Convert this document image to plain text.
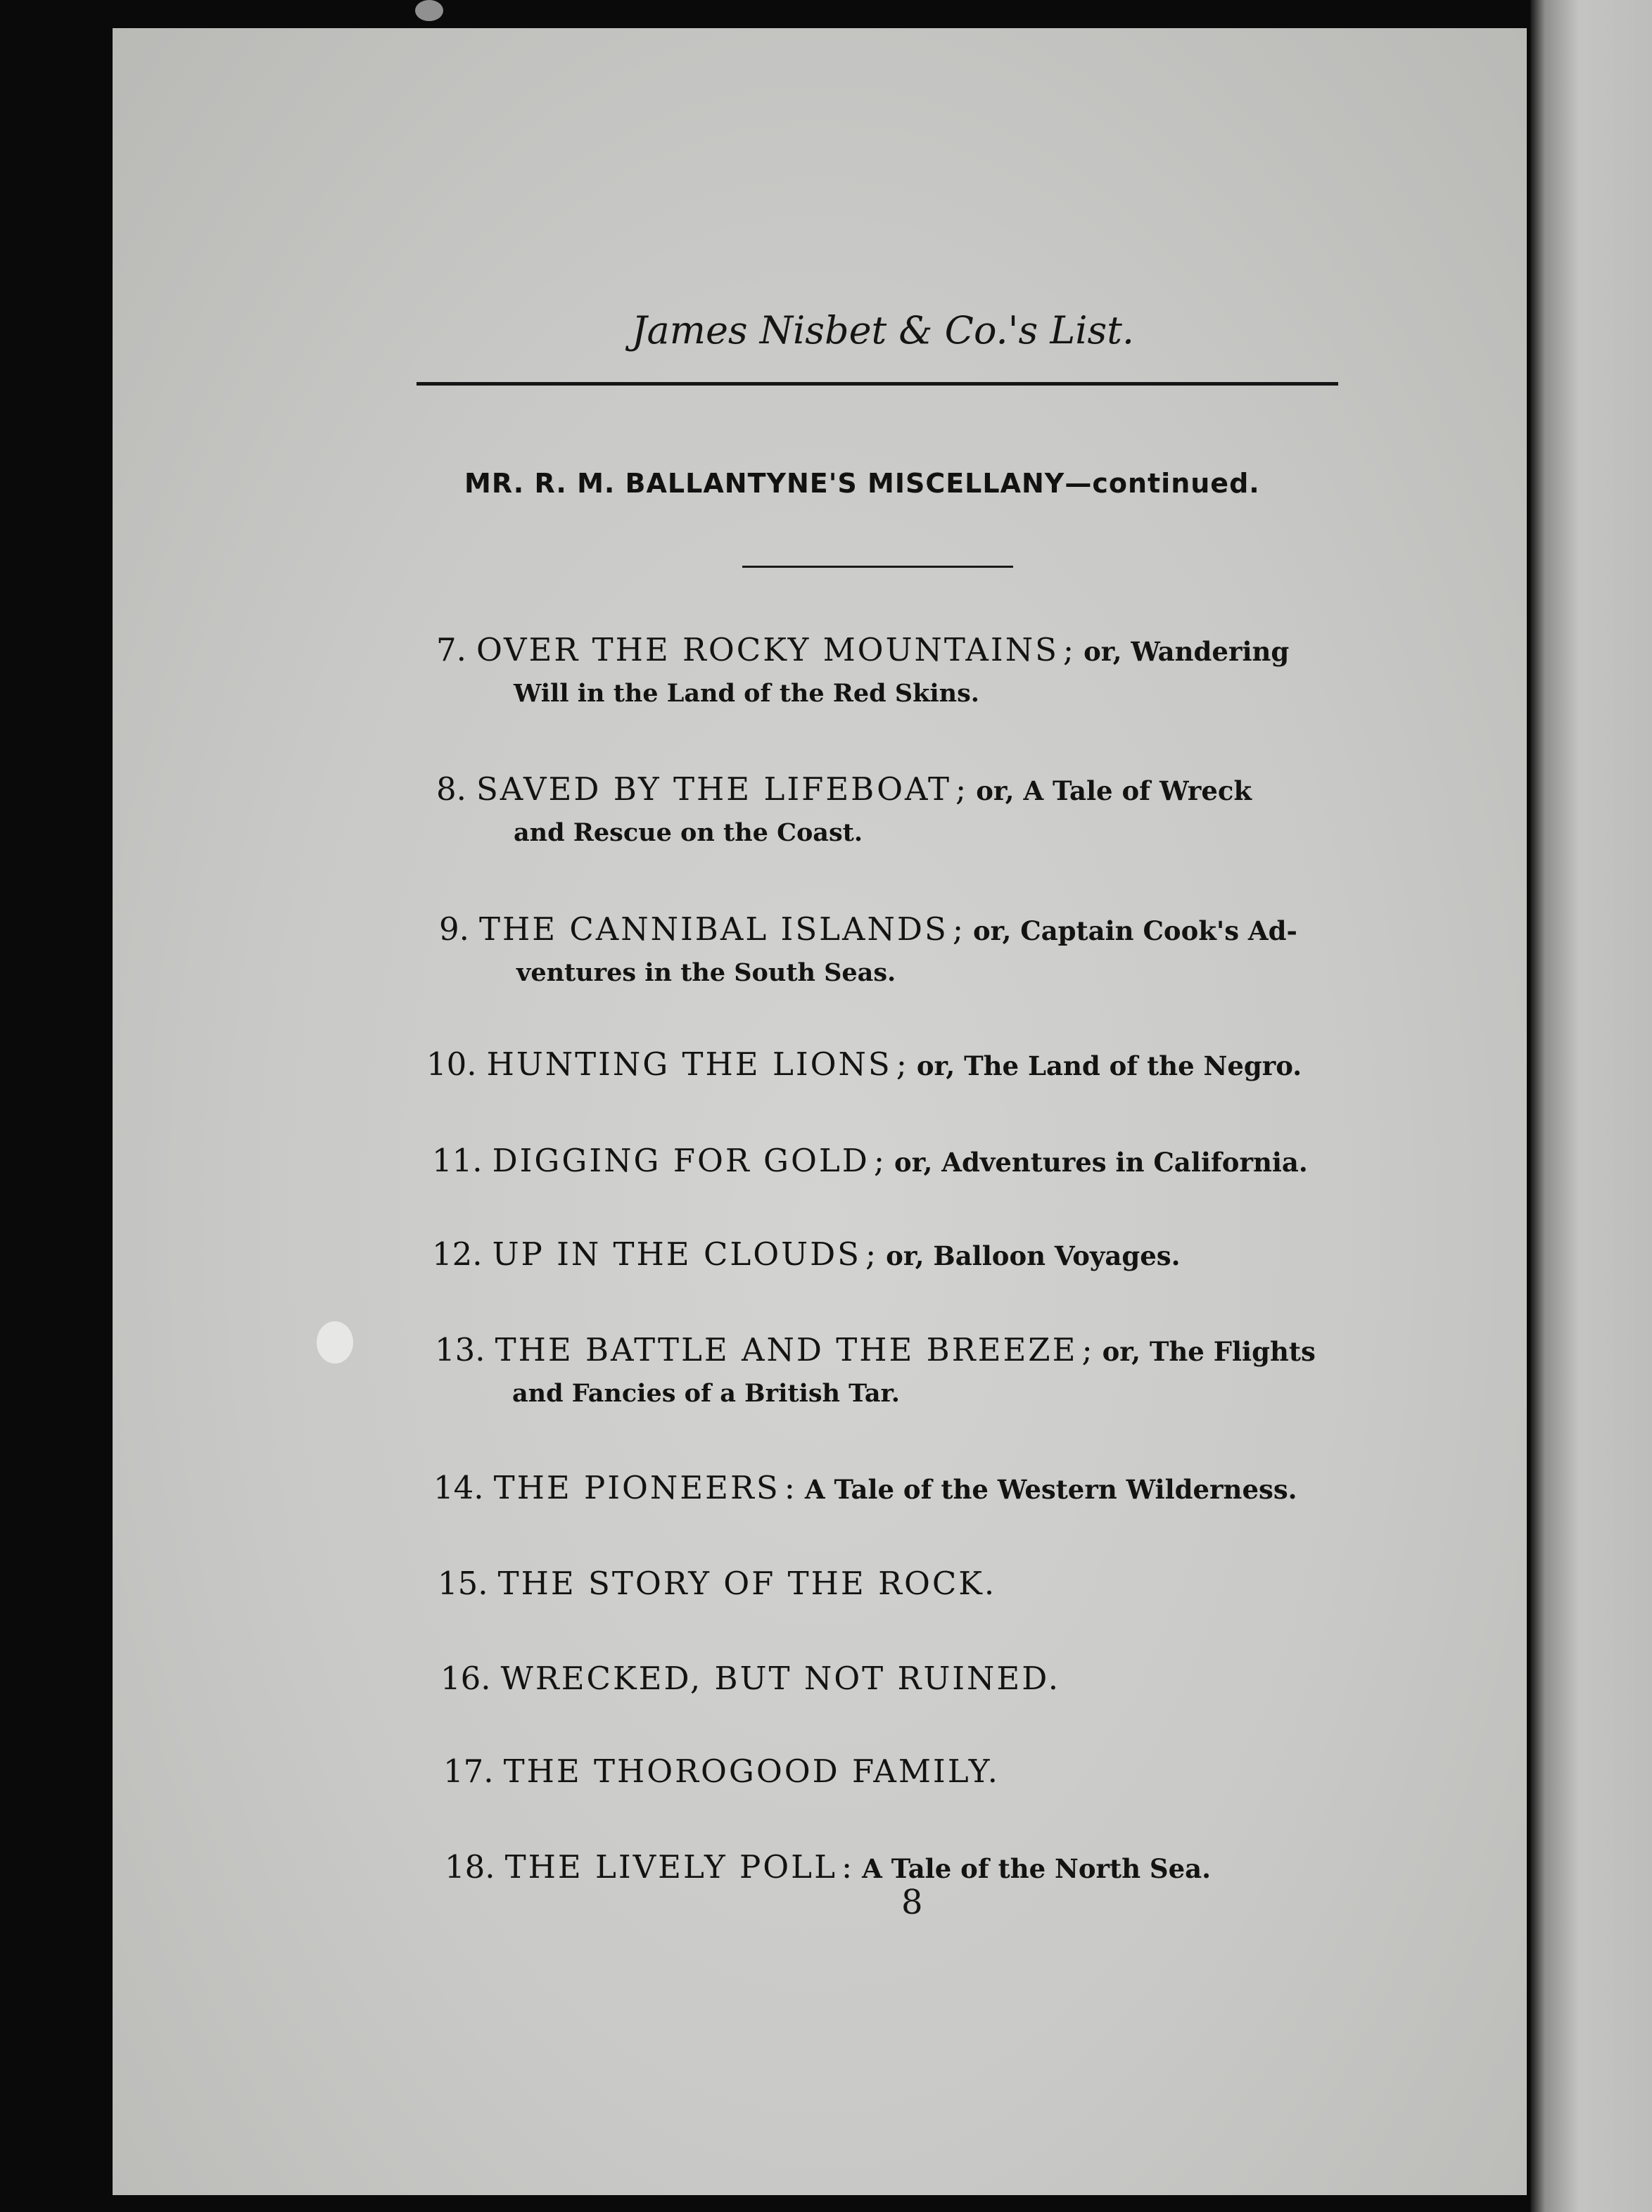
James Nisbet & Co.'s List.
MR. R. M. BALLANTYNE'S MISCELLANY—continued.
7. OVER THE ROCKY MOUNTAINS ; or, Wandering
Will in the Land of the Red Skins.
8. SAVED BY THE LIFEBOAT ; or, A Tale of Wreck
and Rescue on the Coast.
9. THE CANNIBAL ISLANDS ; or, Captain Cook's Ad-
ventures in the South Seas.
10. HUNTING THE LIONS ; or, The Land of the Negro.
11. DIGGING FOR GOLD ; or, Adventures in California.
12. UP IN THE CLOUDS ; or, Balloon Voyages.
13. THE BATTLE AND THE BREEZE ; or, The Flights
and Fancies of a British Tar.
14. THE PIONEERS : A Tale of the Western Wilderness.
15. THE STORY OF THE ROCK.
16. WRECKED, BUT NOT RUINED.
17. THE THOROGOOD FAMILY.
18. THE LIVELY POLL : A Tale of the North Sea.
8
